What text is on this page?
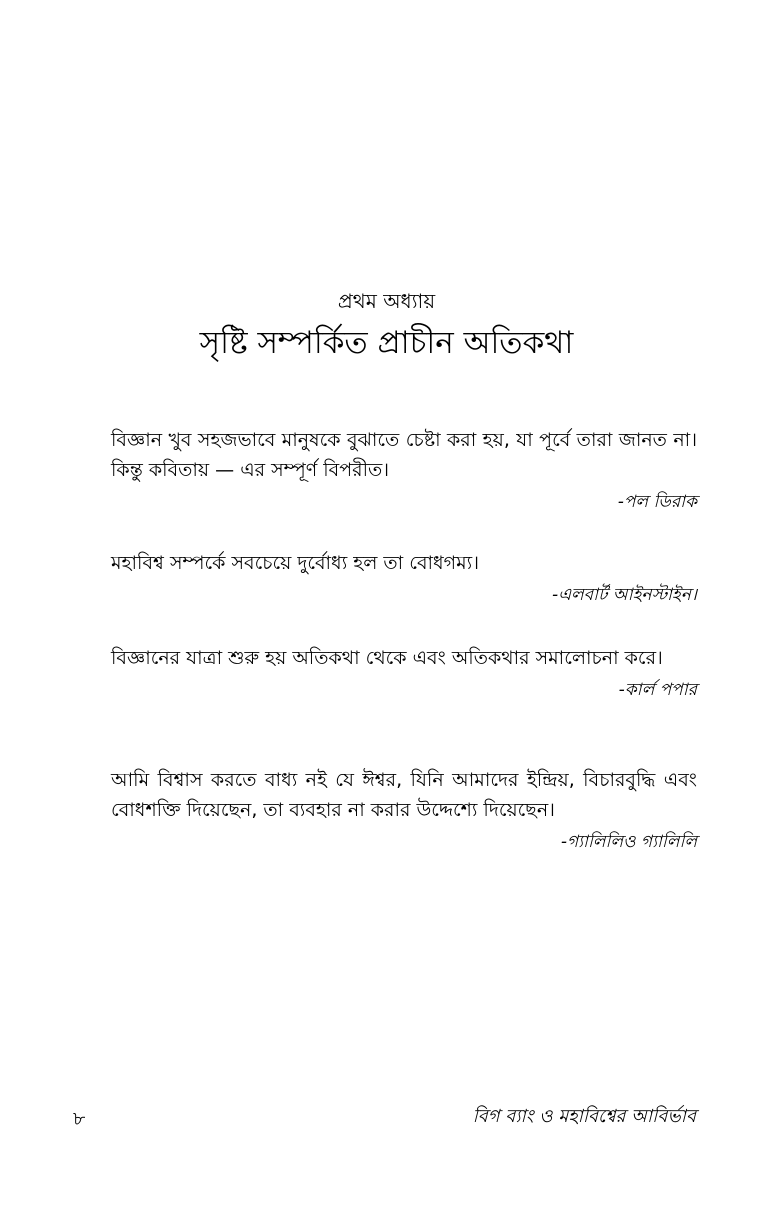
প্রথম অধ্যায়
সৃষ্টি সম্পর্কিত প্রাচীন অতিকথা

বিজ্ঞান খুব সহজভাবে মানুষকে বুঝাতে চেষ্টা করা হয়, যা পূর্বে তারা জানত না। কিন্তু কবিতায় — এর সম্পূর্ণ বিপরীত।

-পল ডিরাক

মহাবিশ্ব সম্পর্কে সবচেয়ে দুর্বোধ্য হল তা বোধগম্য।

-এলবার্ট আইনস্টাইন।

বিজ্ঞানের যাত্রা শুরু হয় অতিকথা থেকে এবং অতিকথার সমালোচনা করে।

-কার্ল পপার

আমি বিশ্বাস করতে বাধ্য নই যে ঈশ্বর, যিনি আমাদের ইন্দ্রিয়, বিচারবুদ্ধি এবং বোধশক্তি দিয়েছেন, তা ব্যবহার না করার উদ্দেশ্যে দিয়েছেন।

-গ্যালিলিও গ্যালিলি

৮	বিগ ব্যাং ও মহাবিশ্বের আবির্ভাব
